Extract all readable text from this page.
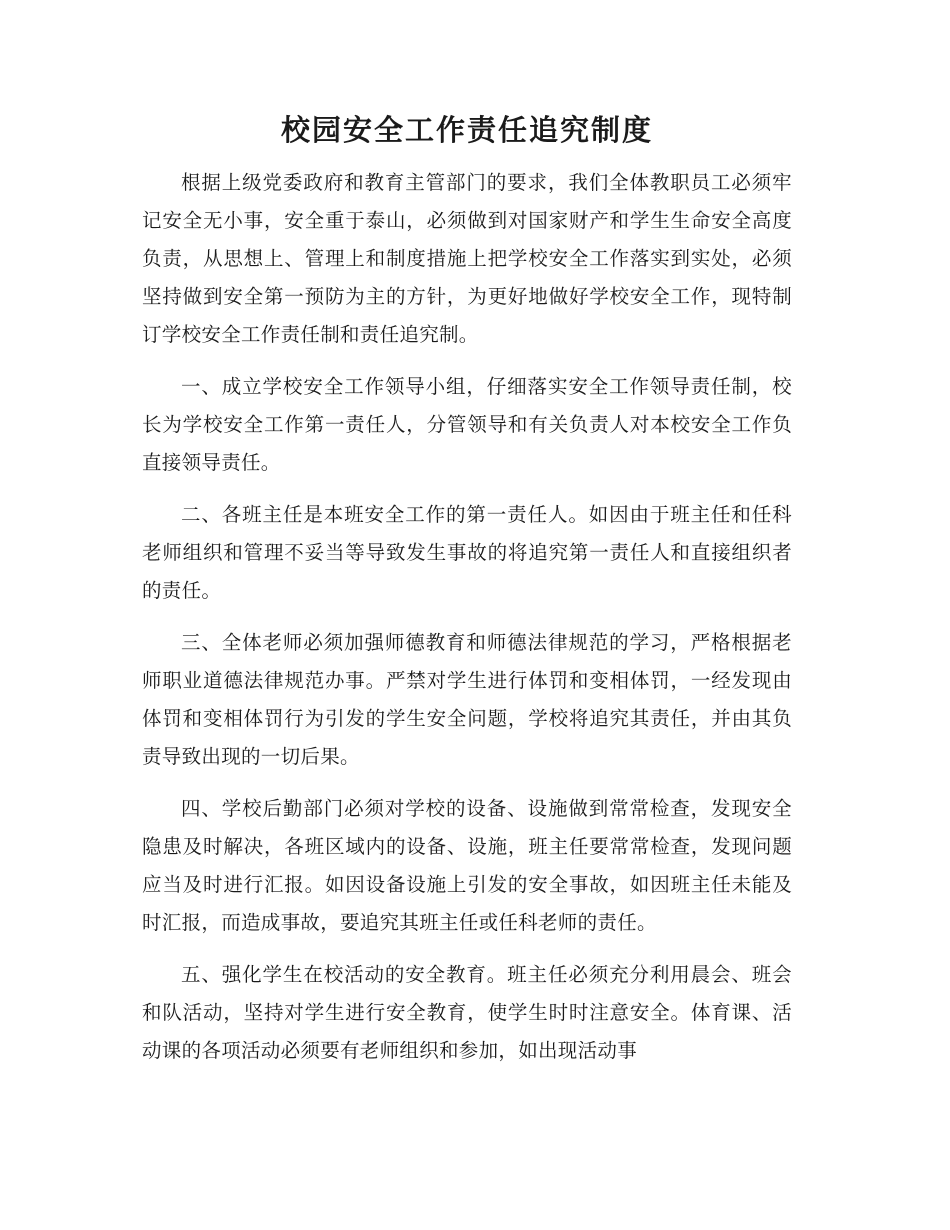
校园安全工作责任追究制度

根据上级党委政府和教育主管部门的要求，我们全体教职员工必须牢记安全无小事，安全重于泰山，必须做到对国家财产和学生生命安全高度负责，从思想上、管理上和制度措施上把学校安全工作落实到实处，必须坚持做到安全第一预防为主的方针，为更好地做好学校安全工作，现特制订学校安全工作责任制和责任追究制。

一、成立学校安全工作领导小组，仔细落实安全工作领导责任制，校长为学校安全工作第一责任人，分管领导和有关负责人对本校安全工作负直接领导责任。

二、各班主任是本班安全工作的第一责任人。如因由于班主任和任科老师组织和管理不妥当等导致发生事故的将追究第一责任人和直接组织者的责任。

三、全体老师必须加强师德教育和师德法律规范的学习，严格根据老师职业道德法律规范办事。严禁对学生进行体罚和变相体罚，一经发现由体罚和变相体罚行为引发的学生安全问题，学校将追究其责任，并由其负责导致出现的一切后果。

四、学校后勤部门必须对学校的设备、设施做到常常检查，发现安全隐患及时解决，各班区域内的设备、设施，班主任要常常检查，发现问题应当及时进行汇报。如因设备设施上引发的安全事故，如因班主任未能及时汇报，而造成事故，要追究其班主任或任科老师的责任。

五、强化学生在校活动的安全教育。班主任必须充分利用晨会、班会和队活动，坚持对学生进行安全教育，使学生时时注意安全。体育课、活动课的各项活动必须要有老师组织和参加，如出现活动事
